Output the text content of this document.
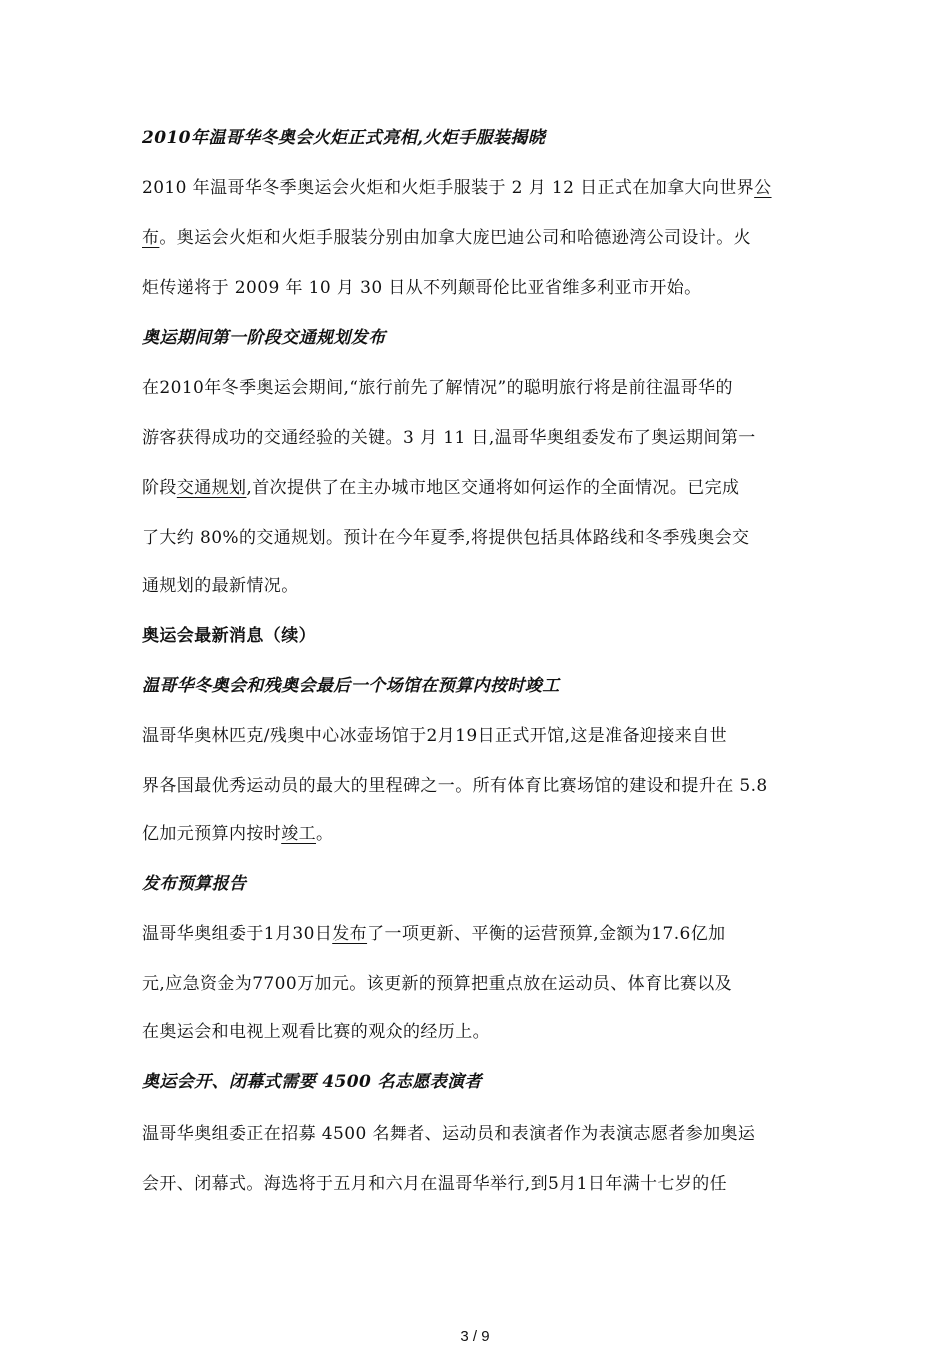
2010年温哥华冬奥会火炬正式亮相,火炬手服装揭晓
2010 年温哥华冬季奥运会火炬和火炬手服装于 2 月 12 日正式在加拿大向世界公
布。奥运会火炬和火炬手服装分别由加拿大庞巴迪公司和哈德逊湾公司设计。火
炬传递将于 2009 年 10 月 30 日从不列颠哥伦比亚省维多利亚市开始。
奥运期间第一阶段交通规划发布
在2010年冬季奥运会期间,“旅行前先了解情况”的聪明旅行将是前往温哥华的
游客获得成功的交通经验的关键。3 月 11 日,温哥华奥组委发布了奥运期间第一
阶段交通规划,首次提供了在主办城市地区交通将如何运作的全面情况。已完成
了大约 80%的交通规划。预计在今年夏季,将提供包括具体路线和冬季残奥会交
通规划的最新情况。
奥运会最新消息（续）
温哥华冬奥会和残奥会最后一个场馆在预算内按时竣工
温哥华奥林匹克/残奥中心冰壶场馆于2月19日正式开馆,这是准备迎接来自世
界各国最优秀运动员的最大的里程碑之一。所有体育比赛场馆的建设和提升在 5.8
亿加元预算内按时竣工。
发布预算报告
温哥华奥组委于1月30日发布了一项更新、平衡的运营预算,金额为17.6亿加
元,应急资金为7700万加元。该更新的预算把重点放在运动员、体育比赛以及
在奥运会和电视上观看比赛的观众的经历上。
奥运会开、闭幕式需要 4500 名志愿表演者
温哥华奥组委正在招募 4500 名舞者、运动员和表演者作为表演志愿者参加奥运
会开、闭幕式。海选将于五月和六月在温哥华举行,到5月1日年满十七岁的任
3 / 9
